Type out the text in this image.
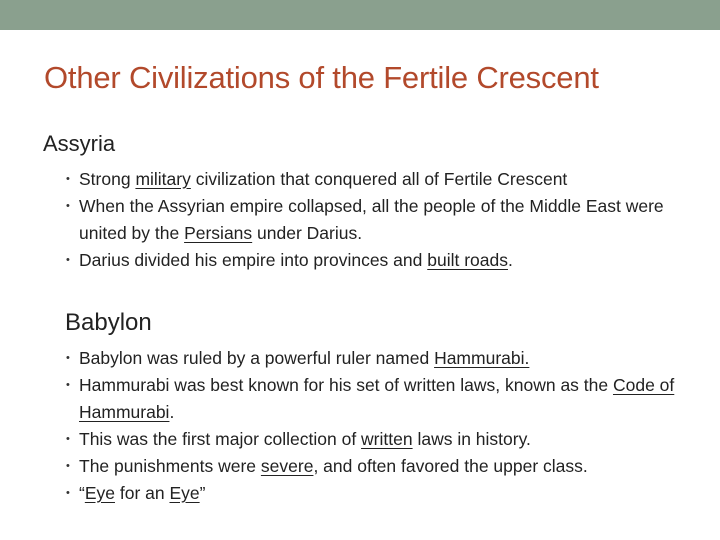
Other Civilizations of the Fertile Crescent
Assyria
• Strong military civilization that conquered all of Fertile Crescent
• When the Assyrian empire collapsed, all the people of the Middle East were united by the Persians under Darius.
• Darius divided his empire into provinces and built roads.
Babylon
• Babylon was ruled by a powerful ruler named Hammurabi.
• Hammurabi was best known for his set of written laws, known as the Code of Hammurabi.
• This was the first major collection of written laws in history.
• The punishments were severe, and often favored the upper class.
• “Eye for an Eye”
